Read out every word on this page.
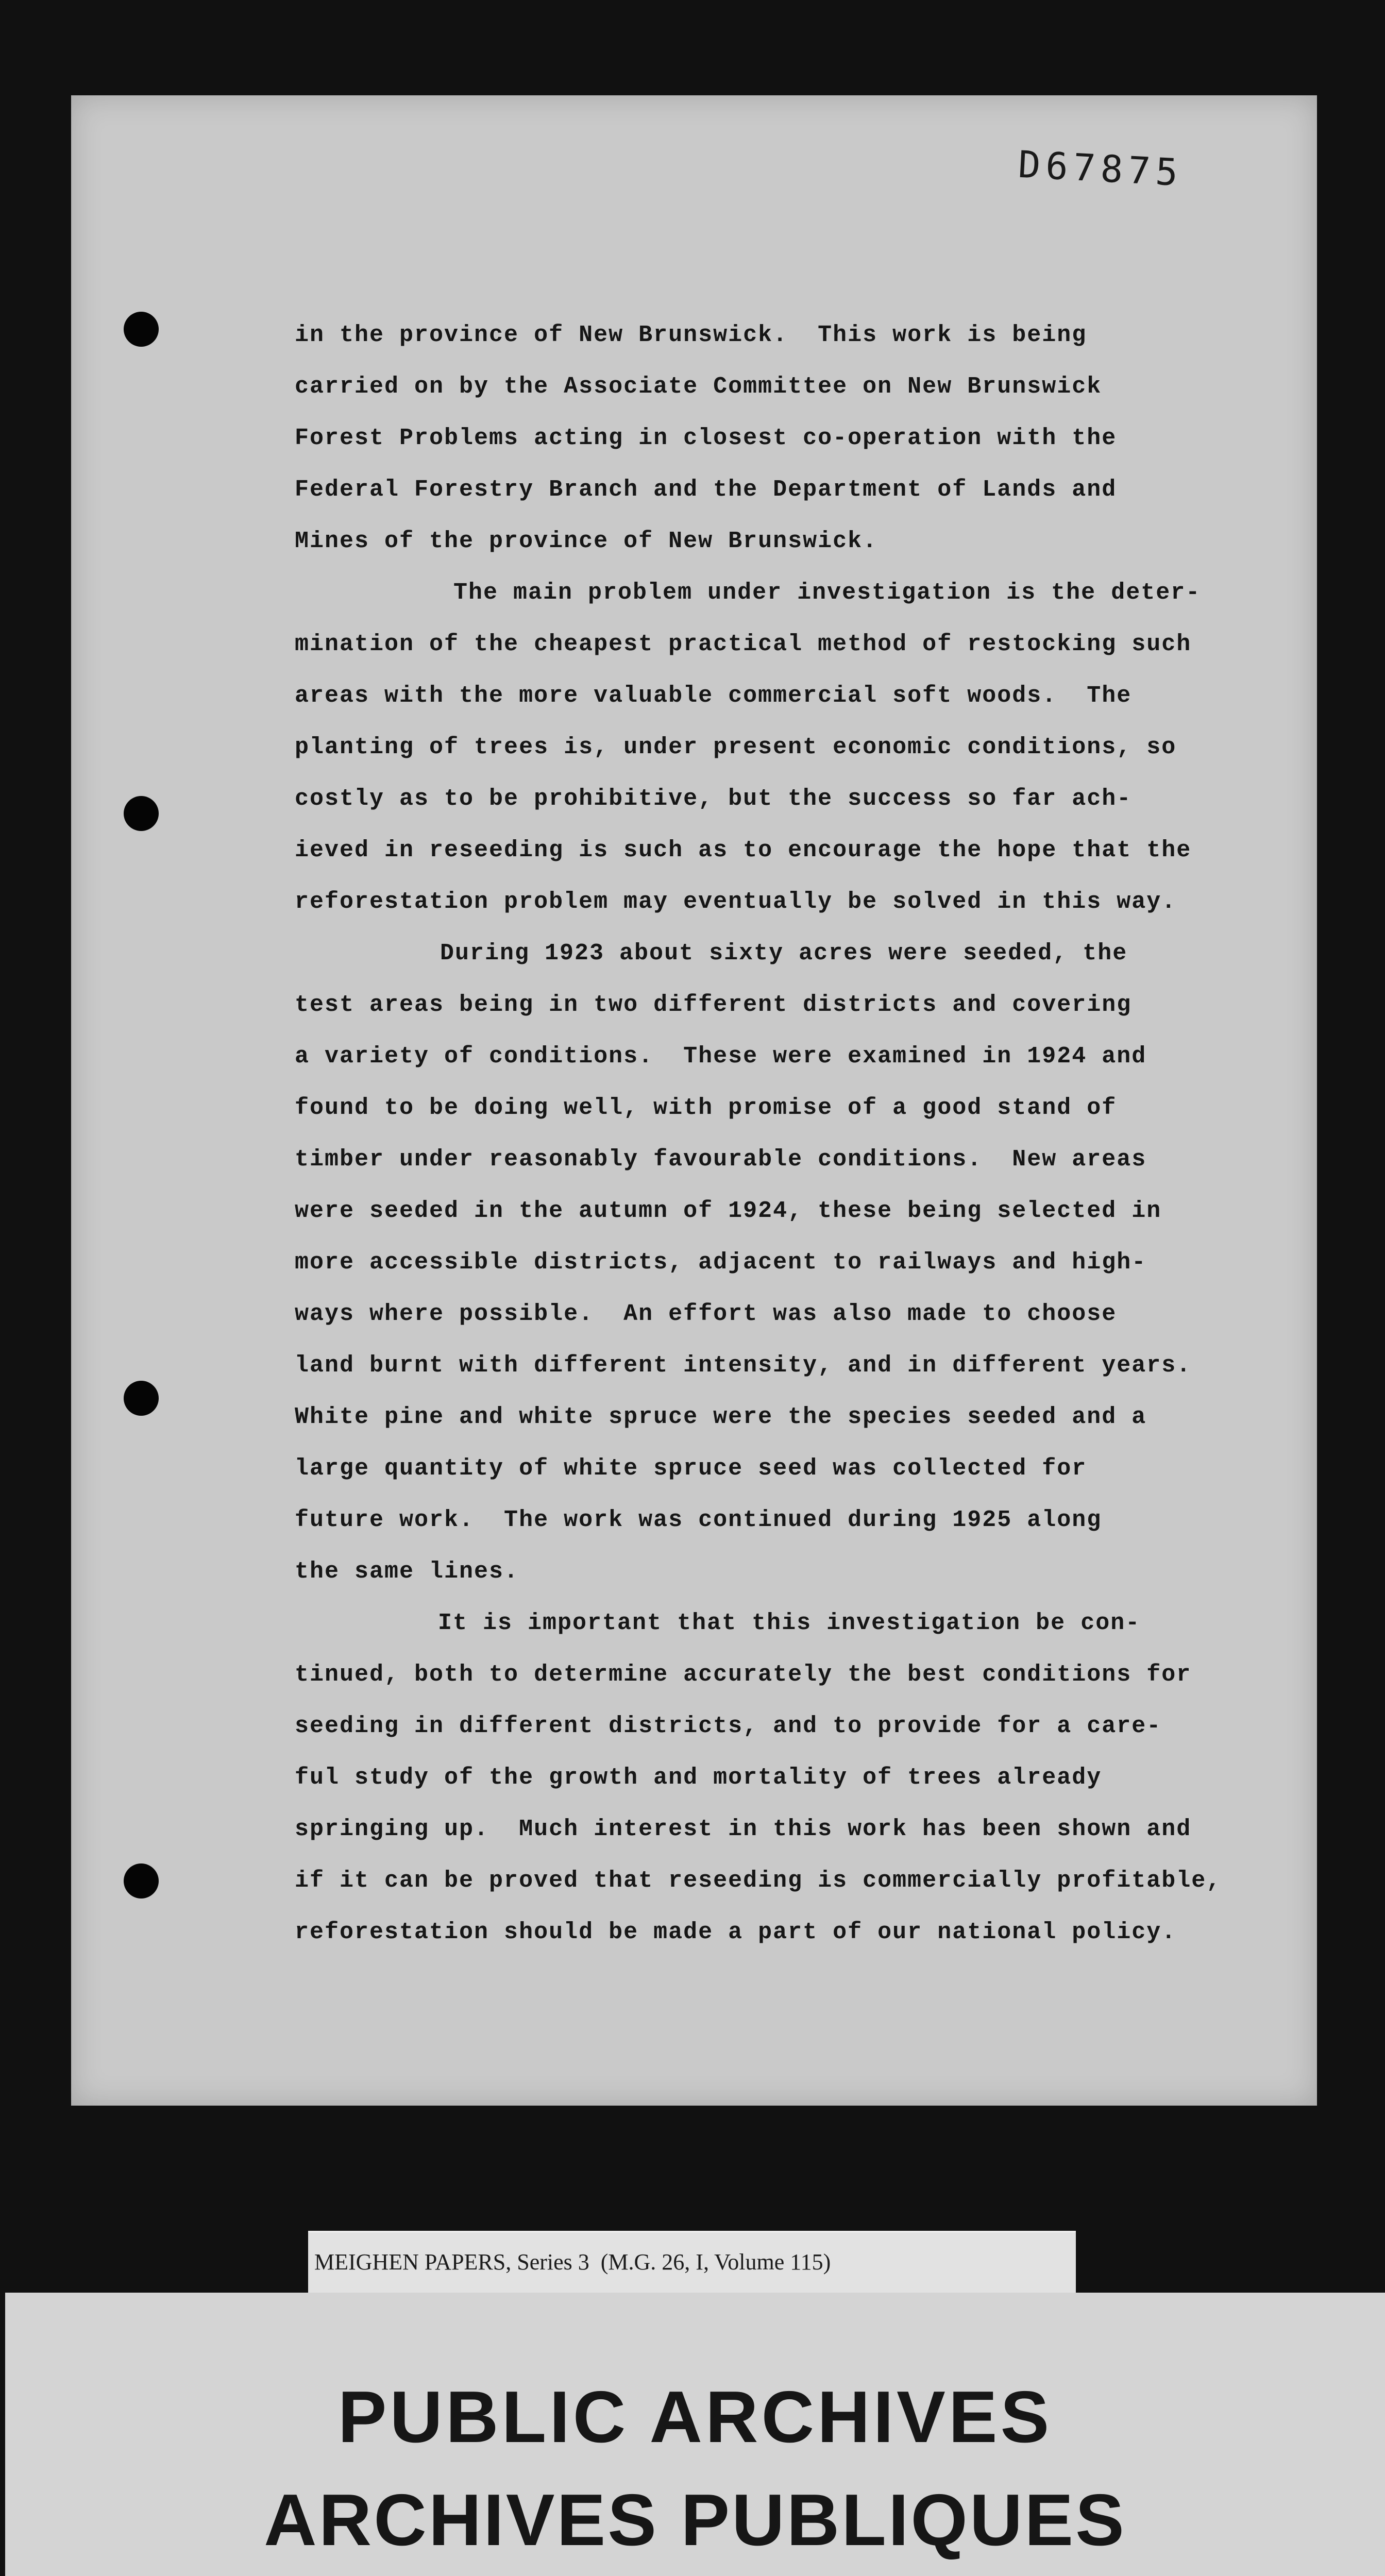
D67875
in the province of New Brunswick.  This work is being
carried on by the Associate Committee on New Brunswick
Forest Problems acting in closest co-operation with the
Federal Forestry Branch and the Department of Lands and
Mines of the province of New Brunswick.
The main problem under investigation is the deter-
mination of the cheapest practical method of restocking such
areas with the more valuable commercial soft woods.  The
planting of trees is, under present economic conditions, so
costly as to be prohibitive, but the success so far ach-
ieved in reseeding is such as to encourage the hope that the
reforestation problem may eventually be solved in this way.
During 1923 about sixty acres were seeded, the
test areas being in two different districts and covering
a variety of conditions.  These were examined in 1924 and
found to be doing well, with promise of a good stand of
timber under reasonably favourable conditions.  New areas
were seeded in the autumn of 1924, these being selected in
more accessible districts, adjacent to railways and high-
ways where possible.  An effort was also made to choose
land burnt with different intensity, and in different years.
White pine and white spruce were the species seeded and a
large quantity of white spruce seed was collected for
future work.  The work was continued during 1925 along
the same lines.
It is important that this investigation be con-
tinued, both to determine accurately the best conditions for
seeding in different districts, and to provide for a care-
ful study of the growth and mortality of trees already
springing up.  Much interest in this work has been shown and
if it can be proved that reseeding is commercially profitable,
reforestation should be made a part of our national policy.
MEIGHEN PAPERS, Series 3  (M.G. 26, I, Volume 115)
PUBLIC ARCHIVES
ARCHIVES PUBLIQUES
